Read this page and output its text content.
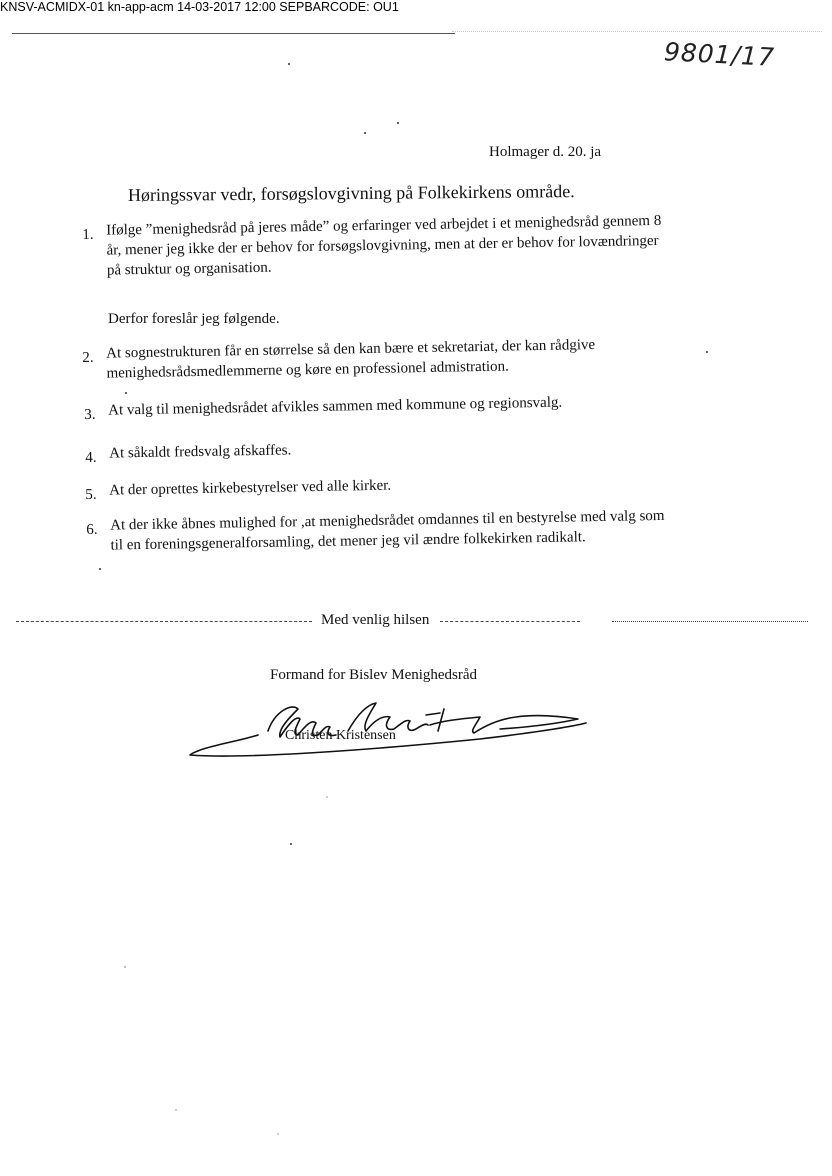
KNSV-ACMIDX-01 kn-app-acm 14-03-2017 12:00 SEPBARCODE: OU1
9801/17
Holmager d. 20. ja
Høringssvar vedr, forsøgslovgivning på Folkekirkens område.
1. Ifølge ”menighedsråd på jeres måde” og erfaringer ved arbejdet i et menighedsråd gennem 8
år, mener jeg ikke der er behov for forsøgslovgivning, men at der er behov for lovændringer
på struktur og organisation.
Derfor foreslår jeg følgende.
2. At sognestrukturen får en størrelse så den kan bære et sekretariat, der kan rådgive
menighedsrådsmedlemmerne og køre en professionel admistration.
3. At valg til menighedsrådet afvikles sammen med kommune og regionsvalg.
4. At såkaldt fredsvalg afskaffes.
5. At der oprettes kirkebestyrelser ved alle kirker.
6. At der ikke åbnes mulighed for ,at menighedsrådet omdannes til en bestyrelse med valg som
til en foreningsgeneralforsamling, det mener jeg vil ændre folkekirken radikalt.
Med venlig hilsen
Formand for Bislev Menighedsråd
Christen Kristensen
